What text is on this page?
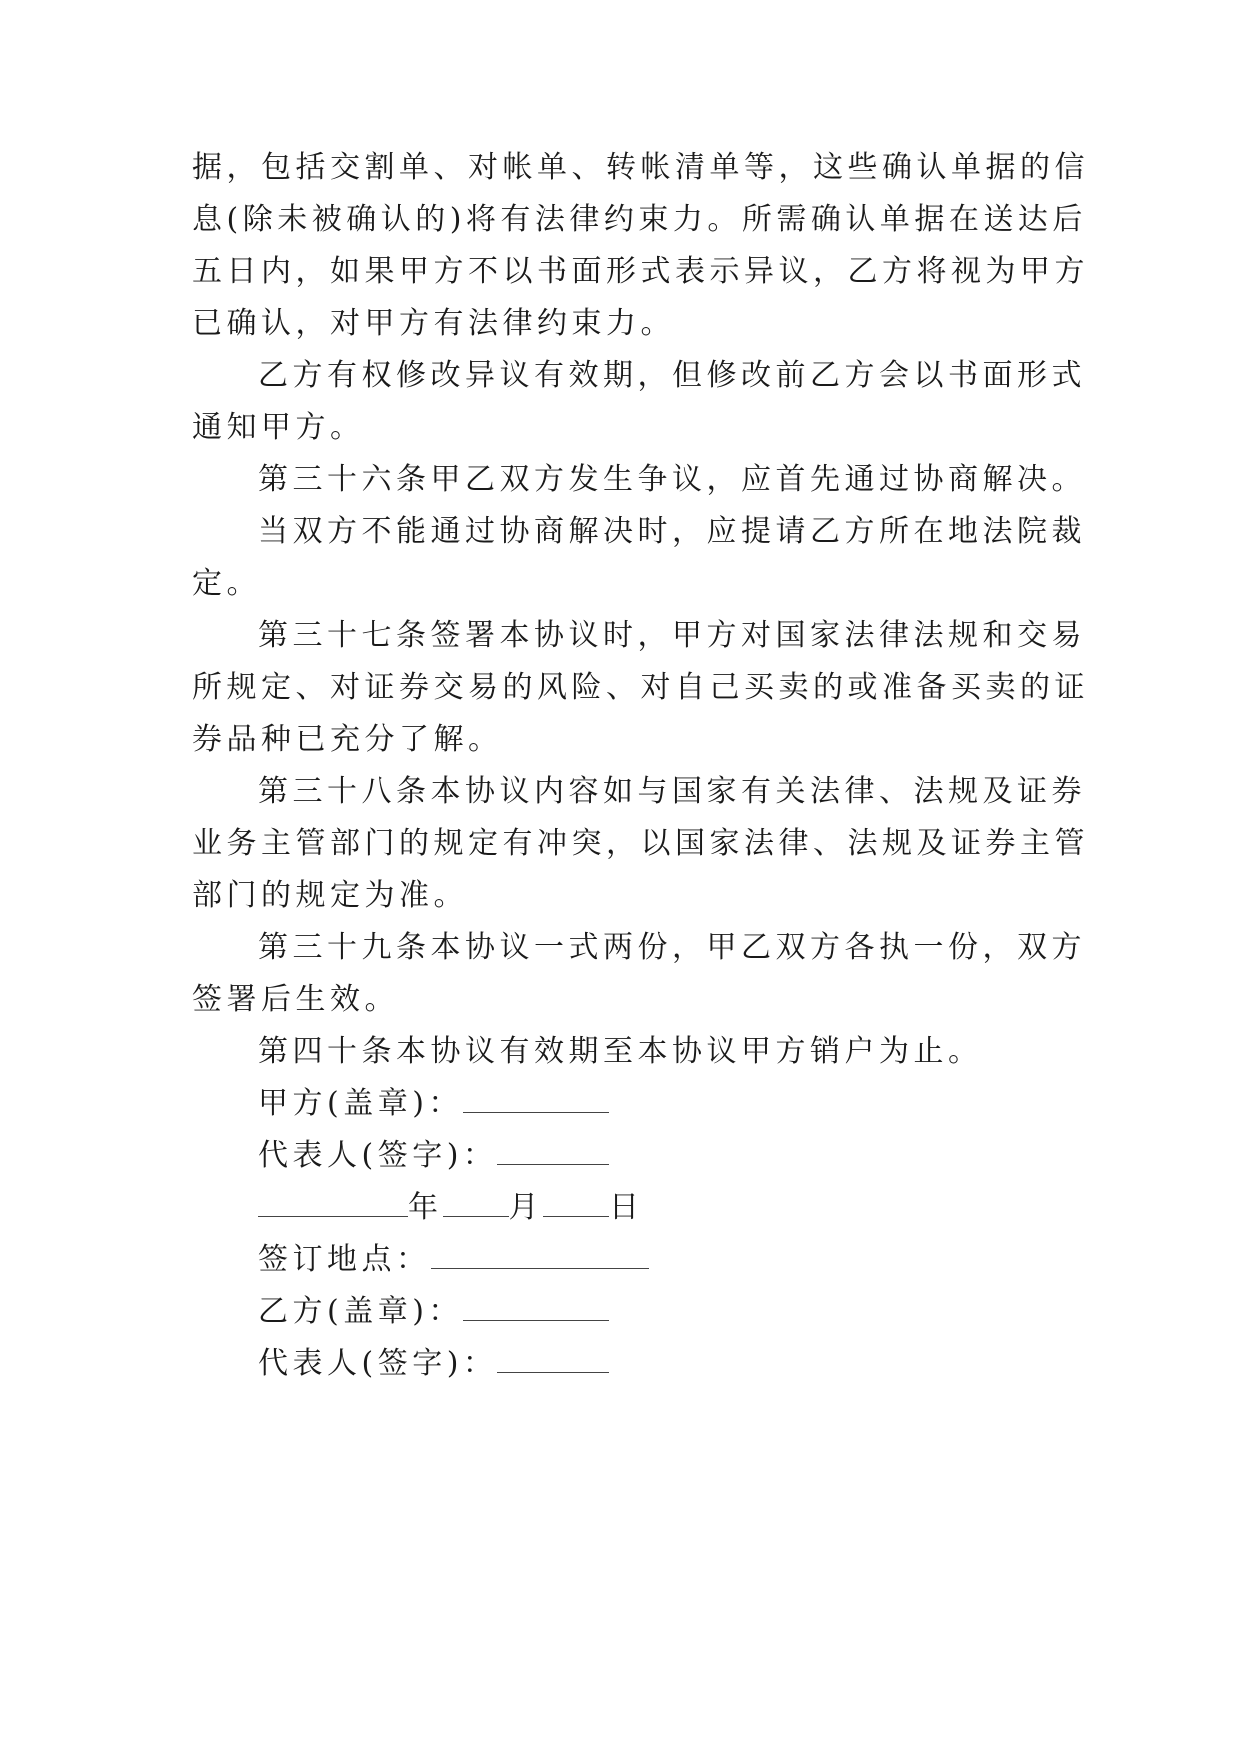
据，包括交割单、对帐单、转帐清单等，这些确认单据的信
息(除未被确认的)将有法律约束力。所需确认单据在送达后
五日内，如果甲方不以书面形式表示异议，乙方将视为甲方
已确认，对甲方有法律约束力。
乙方有权修改异议有效期，但修改前乙方会以书面形式
通知甲方。
第三十六条甲乙双方发生争议，应首先通过协商解决。
当双方不能通过协商解决时，应提请乙方所在地法院裁
定。
第三十七条签署本协议时，甲方对国家法律法规和交易
所规定、对证券交易的风险、对自己买卖的或准备买卖的证
券品种已充分了解。
第三十八条本协议内容如与国家有关法律、法规及证券
业务主管部门的规定有冲突，以国家法律、法规及证券主管
部门的规定为准。
第三十九条本协议一式两份，甲乙双方各执一份，双方
签署后生效。
第四十条本协议有效期至本协议甲方销户为止。
甲方(盖章)：
代表人(签字)：
年 月 日
签订地点：
乙方(盖章)：
代表人(签字)：
